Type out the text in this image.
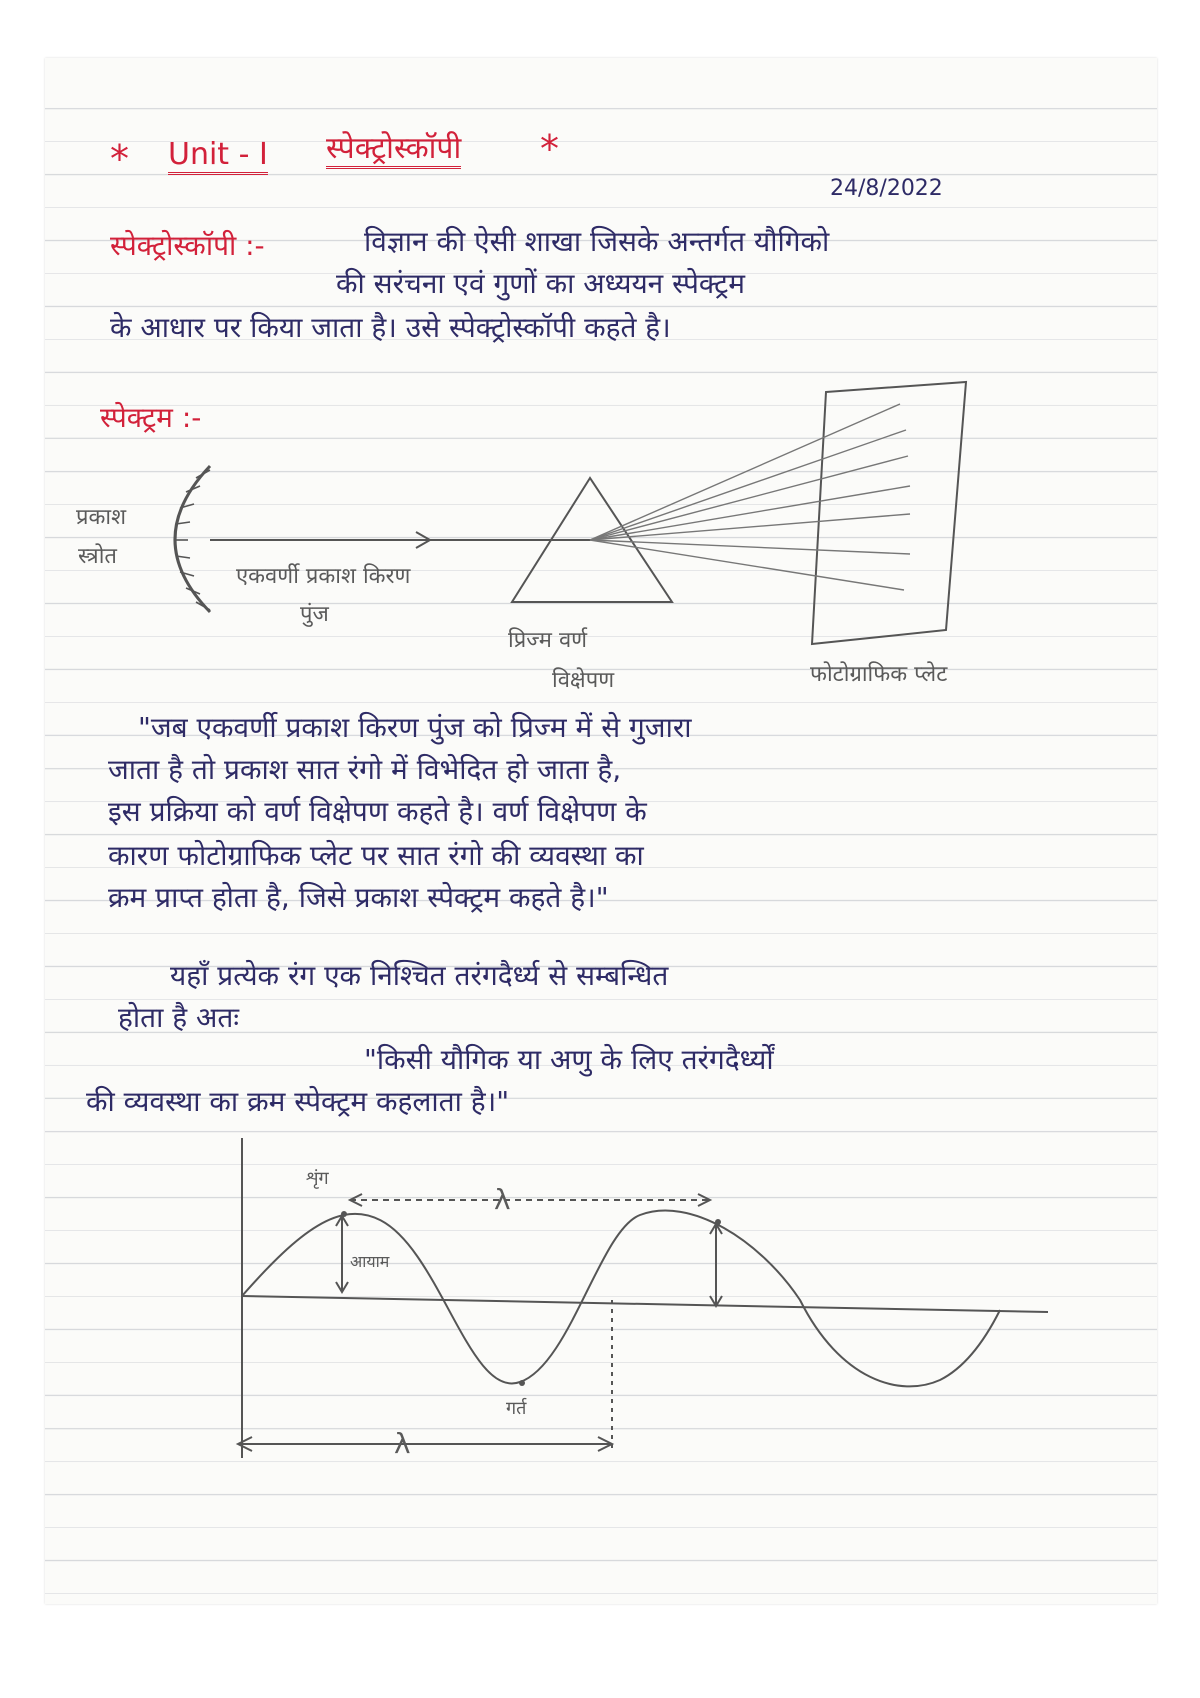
* Unit - I स्पेक्ट्रोस्कॉपी *
24/8/2022
स्पेक्ट्रोस्कॉपी :-	विज्ञान की ऐसी शाखा जिसके अन्तर्गत यौगिको
की सरंचना एवं गुणों का अध्ययन स्पेक्ट्रम
के आधार पर किया जाता है। उसे स्पेक्ट्रोस्कॉपी कहते है।
स्पेक्ट्रम :-
प्रकाश
स्त्रोत
एकवर्णी प्रकाश किरण
पुंज
प्रिज्म वर्ण
विक्षेपण	फोटोग्राफिक प्लेट
"जब एकवर्णी प्रकाश किरण पुंज को प्रिज्म में से गुजारा
जाता है तो प्रकाश सात रंगो में विभेदित हो जाता है,
इस प्रक्रिया को वर्ण विक्षेपण कहते है। वर्ण विक्षेपण के
कारण फोटोग्राफिक प्लेट पर सात रंगो की व्यवस्था का
क्रम प्राप्त होता है, जिसे प्रकाश स्पेक्ट्रम कहते है।"
यहाँ प्रत्येक रंग एक निश्चित तरंगदैर्ध्य से सम्बन्धित
होता है अतः
"किसी यौगिक या अणु के लिए तरंगदैर्ध्यों
की व्यवस्था का क्रम स्पेक्ट्रम कहलाता है।"
शृंग
आयाम
गर्त
λ
λ
